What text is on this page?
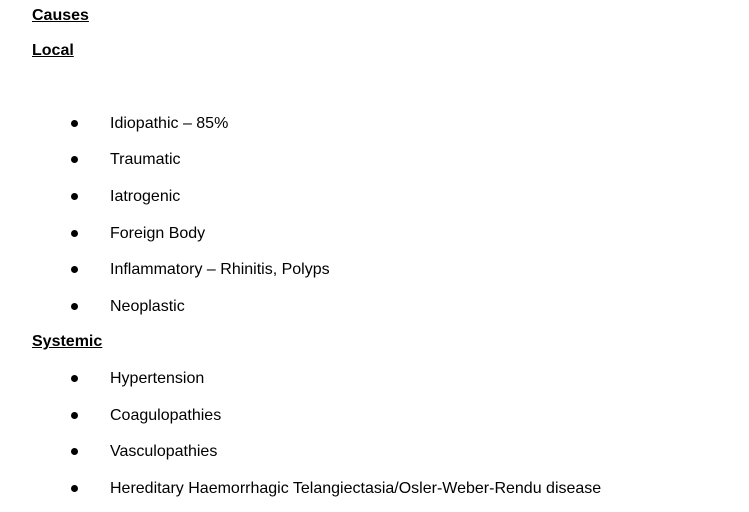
Causes
Local
Idiopathic – 85%
Traumatic
Iatrogenic
Foreign Body
Inflammatory – Rhinitis, Polyps
Neoplastic
Systemic
Hypertension
Coagulopathies
Vasculopathies
Hereditary Haemorrhagic Telangiectasia/Osler-Weber-Rendu disease
